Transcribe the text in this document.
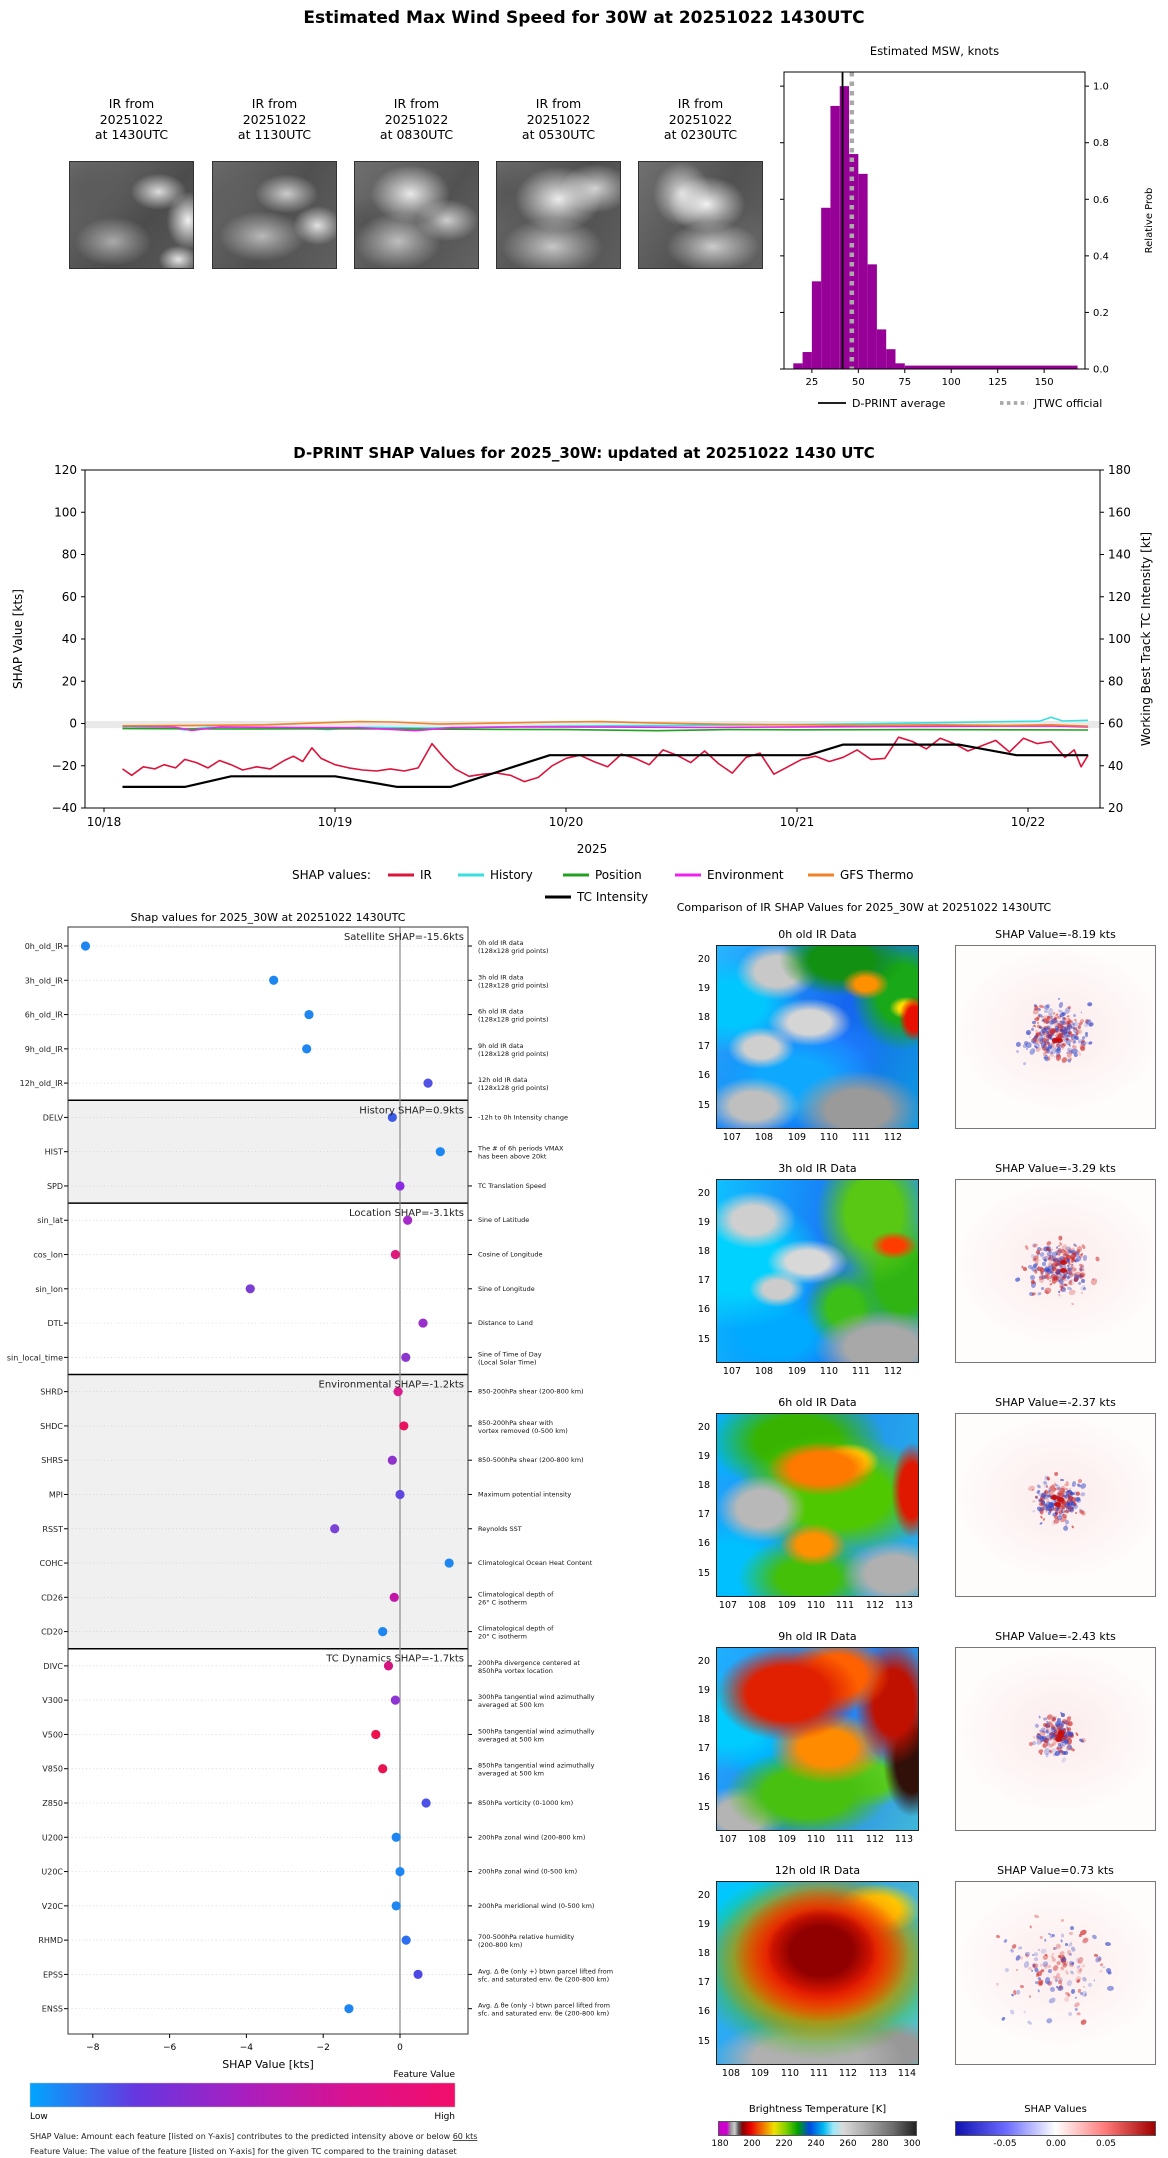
Estimated Max Wind Speed for 30W at 20251022 1430UTC
IR from
20251022
at 1430UTC
IR from
20251022
at 1130UTC
IR from
20251022
at 0830UTC
IR from
20251022
at 0530UTC
IR from
20251022
at 0230UTC
Estimated MSW, knots
0.0
0.2
0.4
0.6
0.8
1.0
25	50	75	100	125	150
Relative Prob
D-PRINT average	JTWC official
D-PRINT SHAP Values for 2025_30W: updated at 20251022 1430 UTC
−40
−20
0
20
40
60
80
100
120
20
40
60
80
100
120
140
160
180
10/18	10/19	10/20	10/21	10/22
2025
SHAP Value [kts]	Working Best Track TC Intensity [kt]
SHAP values:	IR	History	Position	Environment	GFS Thermo
TC Intensity
Shap values for 2025_30W at 20251022 1430UTC
0h_old_IR	0h old IR data
(128x128 grid points)
3h_old_IR	3h old IR data
(128x128 grid points)
6h_old_IR	6h old IR data
(128x128 grid points)
9h_old_IR	9h old IR data
(128x128 grid points)
12h_old_IR	12h old IR data
(128x128 grid points)
DELV	-12h to 0h Intensity change
HIST	The # of 6h periods VMAX
has been above 20kt
SPD	TC Translation Speed
sin_lat	Sine of Latitude
cos_lon	Cosine of Longitude
sin_lon	Sine of Longitude
DTL	Distance to Land
sin_local_time	Sine of Time of Day
(Local Solar Time)
SHRD	850-200hPa shear (200-800 km)
SHDC	850-200hPa shear with
vortex removed (0-500 km)
SHRS	850-500hPa shear (200-800 km)
MPI	Maximum potential intensity
RSST	Reynolds SST
COHC	Climatological Ocean Heat Content
CD26	Climatological depth of
26° C isotherm
CD20	Climatological depth of
20° C isotherm
DIVC	200hPa divergence centered at
850hPa vortex location
V300	300hPa tangential wind azimuthally
averaged at 500 km
V500	500hPa tangential wind azimuthally
averaged at 500 km
V850	850hPa tangential wind azimuthally
averaged at 500 km
Z850	850hPa vorticity (0-1000 km)
U200	200hPa zonal wind (200-800 km)
U20C	200hPa zonal wind (0-500 km)
V20C	200hPa meridional wind (0-500 km)
RHMD	700-500hPa relative humidity
(200-800 km)
EPSS	Avg. Δ θe (only +) btwn parcel lifted from
sfc. and saturated env. θe (200-800 km)
ENSS	Avg. Δ θe (only -) btwn parcel lifted from
sfc. and saturated env. θe (200-800 km)
Satellite SHAP=-15.6kts
History SHAP=0.9kts
Location SHAP=-3.1kts
Environmental SHAP=-1.2kts
TC Dynamics SHAP=-1.7kts
−8	−6	−4	−2	0
SHAP Value [kts]
Feature Value
Low	High
SHAP Value: Amount each feature [listed on Y-axis] contributes to the predicted intensity above or below 60 kts
Feature Value: The value of the feature [listed on Y-axis] for the given TC compared to the training dataset
Comparison of IR SHAP Values for 2025_30W at 20251022 1430UTC
0h old IR Data	SHAP Value=-8.19 kts
20
19
18
17
16
15
107 108 109 110 111 112
3h old IR Data	SHAP Value=-3.29 kts
20
19
18
17
16
15
107 108 109 110 111 112
6h old IR Data	SHAP Value=-2.37 kts
20
19
18
17
16
15
107 108 109 110 111 112 113
9h old IR Data	SHAP Value=-2.43 kts
20
19
18
17
16
15
107 108 109 110 111 112 113
12h old IR Data	SHAP Value=0.73 kts
20
19
18
17
16
15
108 109 110 111 112 113 114
Brightness Temperature [K]
180 200 220 240 260 280 300
SHAP Values
-0.05	0.00	0.05
